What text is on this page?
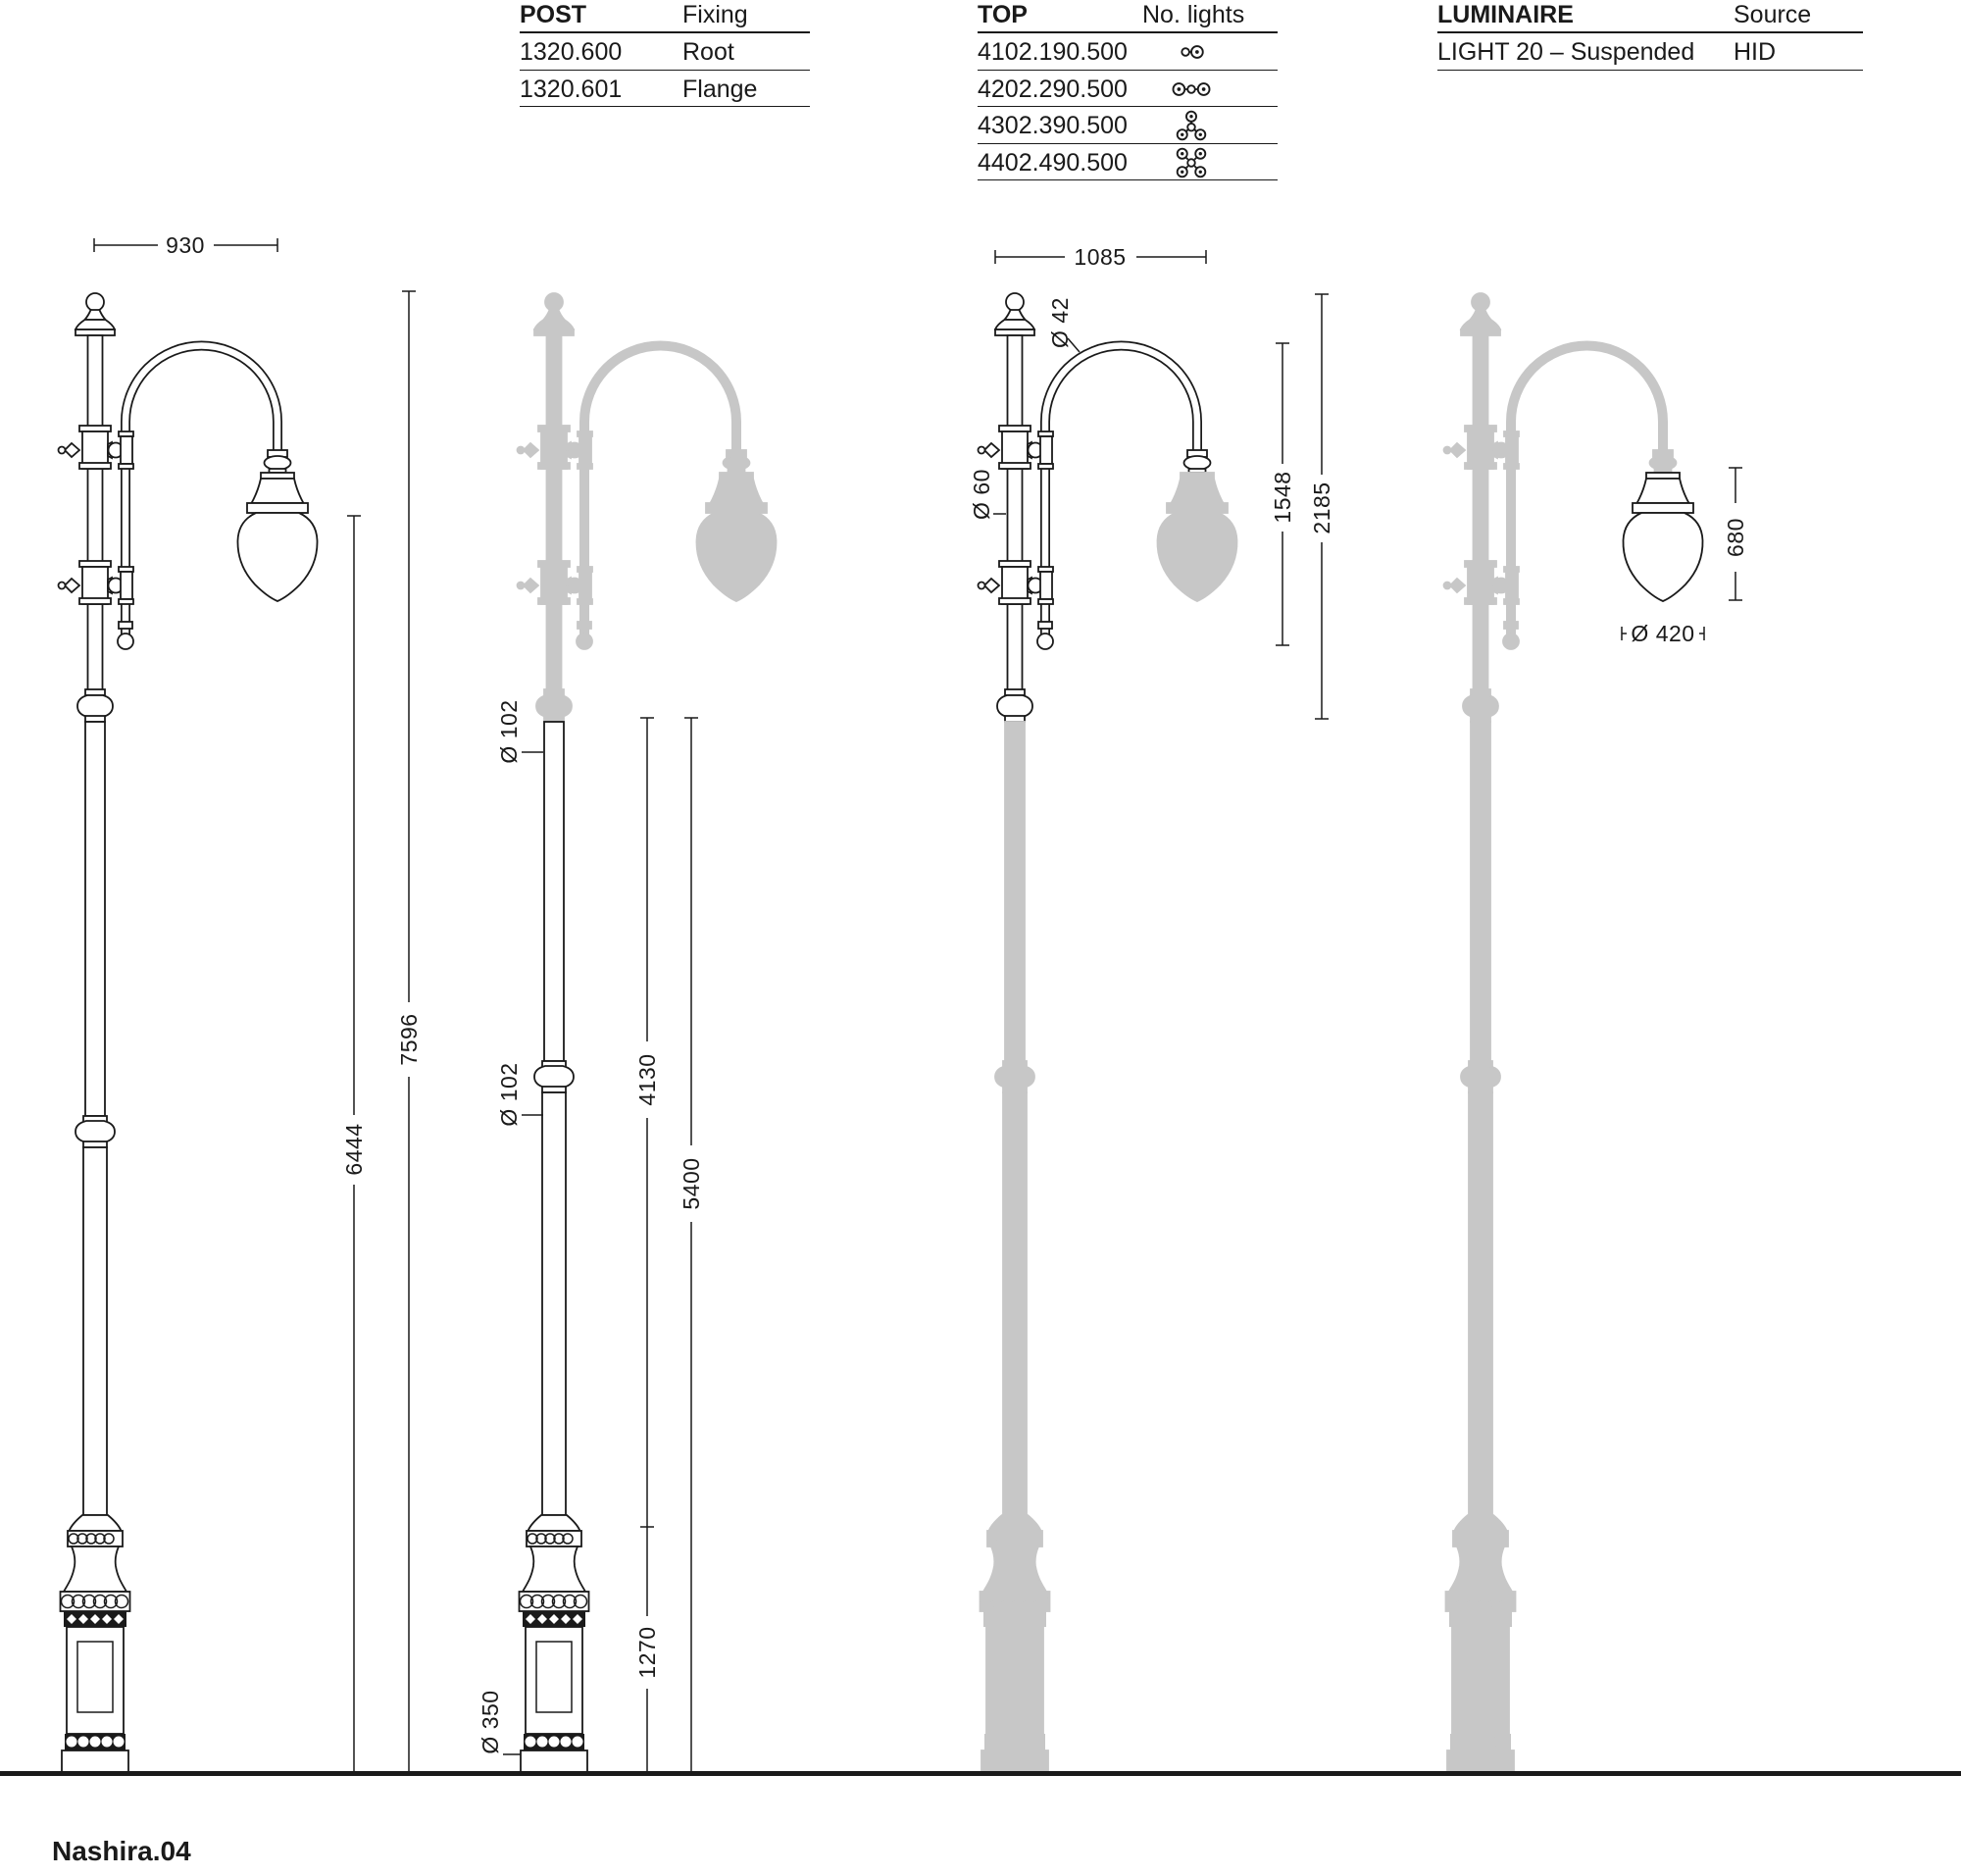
930
7596
6444
Ø 102
Ø 102	4130
5400
1270
Ø 350
1085
Ø 42
Ø 60	1548 2185
680
Ø 420
POST	Fixing
1320.600 Root
1320.601 Flange
TOP	No. lights
4102.190.500
4202.290.500
4302.390.500
4402.490.500
LUMINAIRE	Source
LIGHT 20 – Suspended HID
Nashira.04
